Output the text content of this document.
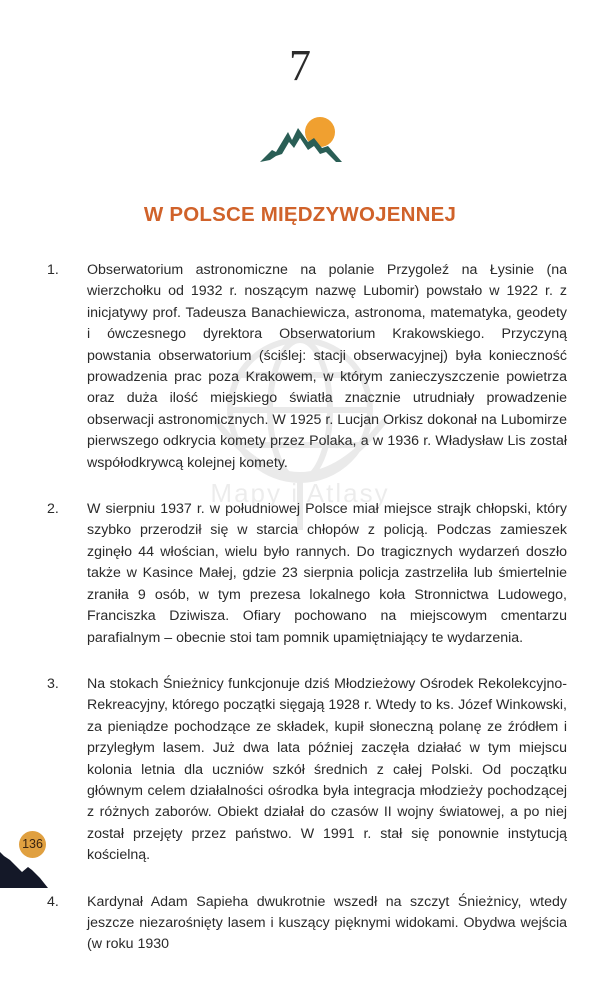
7
W POLSCE MIĘDZYWOJENNEJ
Mapy i Atlasy
1.	Obserwatorium astronomiczne na polanie Przygoleź na Łysinie (na wierzchołku od 1932 r. noszącym nazwę Lubomir) powstało w 1922 r. z inicjatywy prof. Tadeusza Banachiewicza, astronoma, matematyka, geodety i ówczesnego dyrektora Obserwatorium Krakowskiego. Przyczyną powstania obserwatorium (ściślej: stacji obserwacyjnej) była konieczność prowadzenia prac poza Krakowem, w którym zanieczyszczenie powietrza oraz duża ilość miejskiego światła znacznie utrudniały prowadzenie obserwacji astronomicznych. W 1925 r. Lucjan Orkisz dokonał na Lubomirze pierwszego odkrycia komety przez Polaka, a w 1936 r. Władysław Lis został współodkrywcą kolejnej komety.

2.	W sierpniu 1937 r. w południowej Polsce miał miejsce strajk chłopski, który szybko przerodził się w starcia chłopów z policją. Podczas zamieszek zginęło 44 włościan, wielu było rannych. Do tragicznych wydarzeń doszło także w Kasince Małej, gdzie 23 sierpnia policja zastrzeliła lub śmiertelnie zraniła 9 osób, w tym prezesa lokalnego koła Stronnictwa Ludowego, Franciszka Dziwisza. Ofiary pochowano na miejscowym cmentarzu parafialnym – obecnie stoi tam pomnik upamiętniający te wydarzenia.

3.	Na stokach Śnieżnicy funkcjonuje dziś Młodzieżowy Ośrodek Rekolekcyjno-Rekreacyjny, którego początki sięgają 1928 r. Wtedy to ks. Józef Winkowski, za pieniądze pochodzące ze składek, kupił słoneczną polanę ze źródłem i przyległym lasem. Już dwa lata później zaczęła działać w tym miejscu kolonia letnia dla uczniów szkół średnich z całej Polski. Od początku głównym celem działalności ośrodka była integracja młodzieży pochodzącej z różnych zaborów. Obiekt działał do czasów II wojny światowej, a po niej został przejęty przez państwo. W 1991 r. stał się ponownie instytucją kościelną.

4.	Kardynał Adam Sapieha dwukrotnie wszedł na szczyt Śnieżnicy, wtedy jeszcze niezarośnięty lasem i kuszący pięknymi widokami. Obydwa wejścia (w roku 1930

136
